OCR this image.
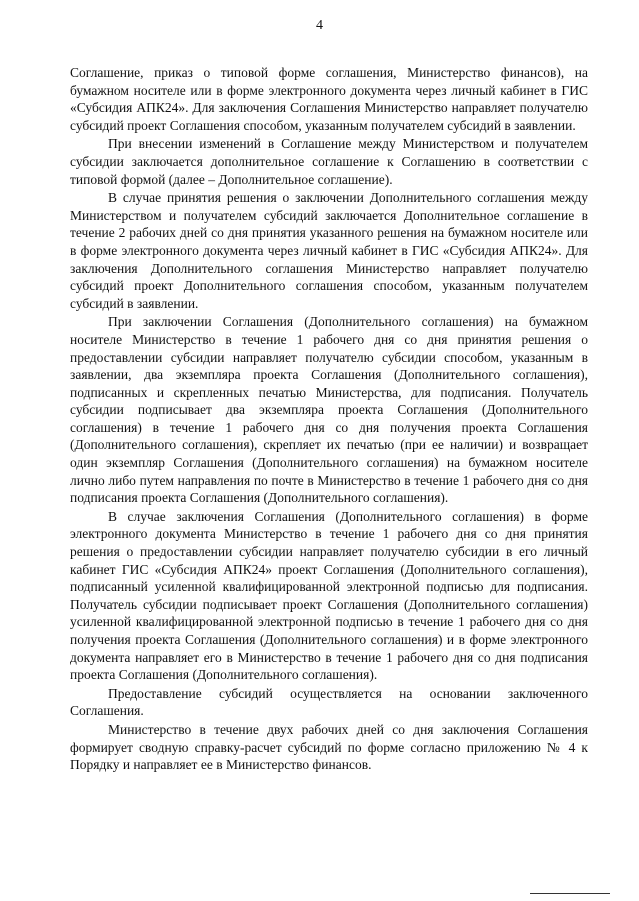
4

Соглашение, приказ о типовой форме соглашения, Министерство финансов), на бумажном носителе или в форме электронного документа через личный кабинет в ГИС «Субсидия АПК24». Для заключения Соглашения Министерство направляет получателю субсидий проект Соглашения способом, указанным получателем субсидий в заявлении.

При внесении изменений в Соглашение между Министерством и получателем субсидии заключается дополнительное соглашение к Соглашению в соответствии с типовой формой (далее – Дополнительное соглашение).

В случае принятия решения о заключении Дополнительного соглашения между Министерством и получателем субсидий заключается Дополнительное соглашение в течение 2 рабочих дней со дня принятия указанного решения на бумажном носителе или в форме электронного документа через личный кабинет в ГИС «Субсидия АПК24». Для заключения Дополнительного соглашения Министерство направляет получателю субсидий проект Дополнительного соглашения способом, указанным получателем субсидий в заявлении.

При заключении Соглашения (Дополнительного соглашения) на бумажном носителе Министерство в течение 1 рабочего дня со дня принятия решения о предоставлении субсидии направляет получателю субсидии способом, указанным в заявлении, два экземпляра проекта Соглашения (Дополнительного соглашения), подписанных и скрепленных печатью Министерства, для подписания. Получатель субсидии подписывает два экземпляра проекта Соглашения (Дополнительного соглашения) в течение 1 рабочего дня со дня получения проекта Соглашения (Дополнительного соглашения), скрепляет их печатью (при ее наличии) и возвращает один экземпляр Соглашения (Дополнительного соглашения) на бумажном носителе лично либо путем направления по почте в Министерство в течение 1 рабочего дня со дня подписания проекта Соглашения (Дополнительного соглашения).

В случае заключения Соглашения (Дополнительного соглашения) в форме электронного документа Министерство в течение 1 рабочего дня со дня принятия решения о предоставлении субсидии направляет получателю субсидии в его личный кабинет ГИС «Субсидия АПК24» проект Соглашения (Дополнительного соглашения), подписанный усиленной квалифицированной электронной подписью для подписания. Получатель субсидии подписывает проект Соглашения (Дополнительного соглашения) усиленной квалифицированной электронной подписью в течение 1 рабочего дня со дня получения проекта Соглашения (Дополнительного соглашения) и в форме электронного документа направляет его в Министерство в течение 1 рабочего дня со дня подписания проекта Соглашения (Дополнительного соглашения).

Предоставление субсидий осуществляется на основании заключенного Соглашения.

Министерство в течение двух рабочих дней со дня заключения Соглашения формирует сводную справку-расчет субсидий по форме согласно приложению № 4 к Порядку и направляет ее в Министерство финансов.
